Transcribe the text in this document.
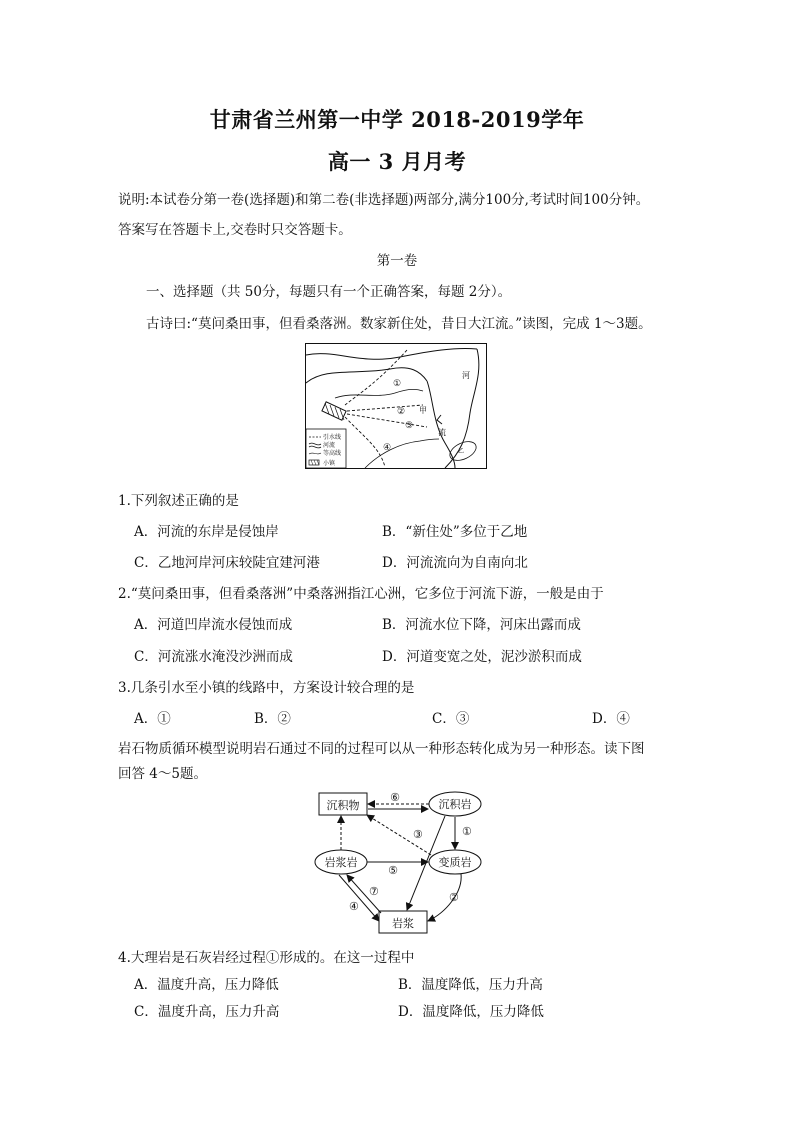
甘肃省兰州第一中学 2018-2019学年
高一 3 月月考
说明:本试卷分第一卷(选择题)和第二卷(非选择题)两部分,满分100分,考试时间100分钟。
答案写在答题卡上,交卷时只交答题卡。
第一卷
一、选择题（共 50分，每题只有一个正确答案，每题 2分）。
古诗曰:“莫问桑田事，但看桑落洲。数家新住处，昔日大江流。”读图，完成 1～3题。
①
②
③
④
甲
河
流
乙
引水线
河流
等高线
小镇
1.下列叙述正确的是
A．河流的东岸是侵蚀岸	B．“新住处”多位于乙地
C．乙地河岸河床较陡宜建河港	D．河流流向为自南向北
2.“莫问桑田事，但看桑落洲”中桑落洲指江心洲，它多位于河流下游，一般是由于
A．河道凹岸流水侵蚀而成	B．河流水位下降，河床出露而成
C．河流涨水淹没沙洲而成	D．河道变宽之处，泥沙淤积而成
3.几条引水至小镇的线路中，方案设计较合理的是
A．①	B．②	C．③	D．④
岩石物质循环模型说明岩石通过不同的过程可以从一种形态转化成为另一种形态。读下图
回答 4～5题。
沉积物	沉积岩
岩浆岩	变质岩
岩浆
⑥
①
③
⑤
②
⑦
④
4.大理岩是石灰岩经过程①形成的。在这一过程中
A．温度升高，压力降低	B．温度降低，压力升高
C．温度升高，压力升高	D．温度降低，压力降低
